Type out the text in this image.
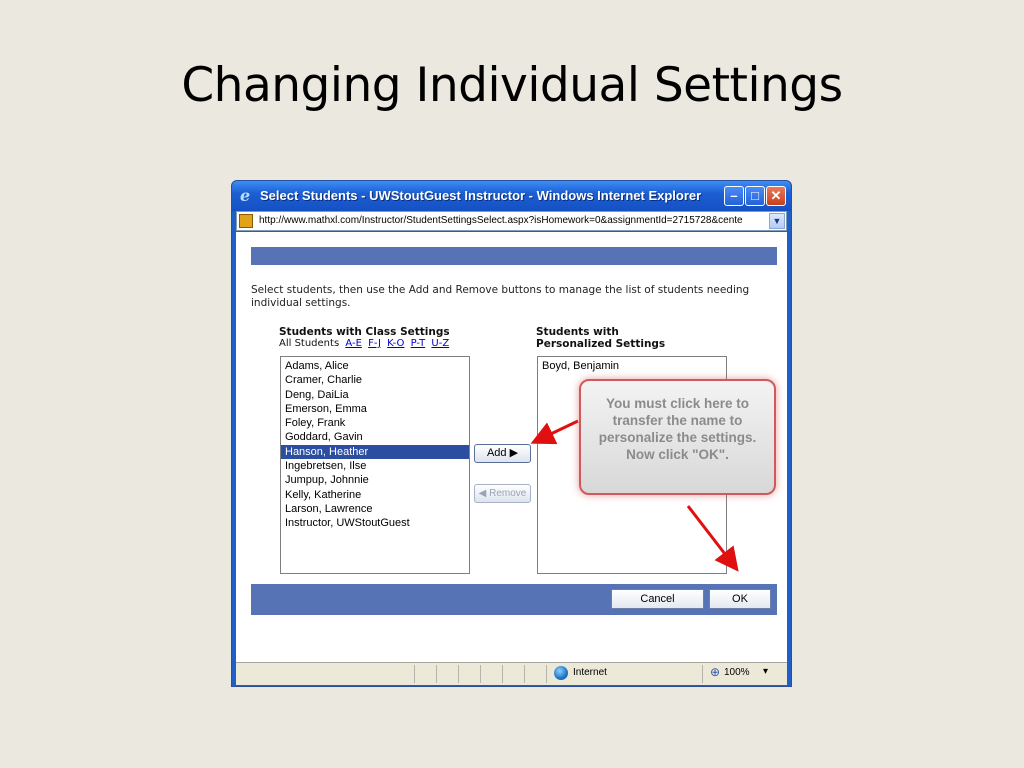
Changing Individual Settings
e Select Students - UWStoutGuest Instructor - Windows Internet Explorer	–	□ ✕
http://www.mathxl.com/Instructor/StudentSettingsSelect.aspx?isHomework=0&assignmentId=2715728&cente	▼
Select students, then use the Add and Remove buttons to manage the list of students needing individual settings.
Students with Class Settings
All Students A-E F-J K-O P-T U-Z
Students with
Personalized Settings
Adams, Alice
Cramer, Charlie
Deng, DaiLia
Emerson, Emma
Foley, Frank
Goddard, Gavin
Hanson, Heather
Ingebretsen, Ilse
Jumpup, Johnnie
Kelly, Katherine
Larson, Lawrence
Instructor, UWStoutGuest
Add ▶
◀ Remove
Boyd, Benjamin
Cancel	OK
You must click here to transfer the name to personalize the settings. Now click "OK".
Internet	⊕ 100% ▾
